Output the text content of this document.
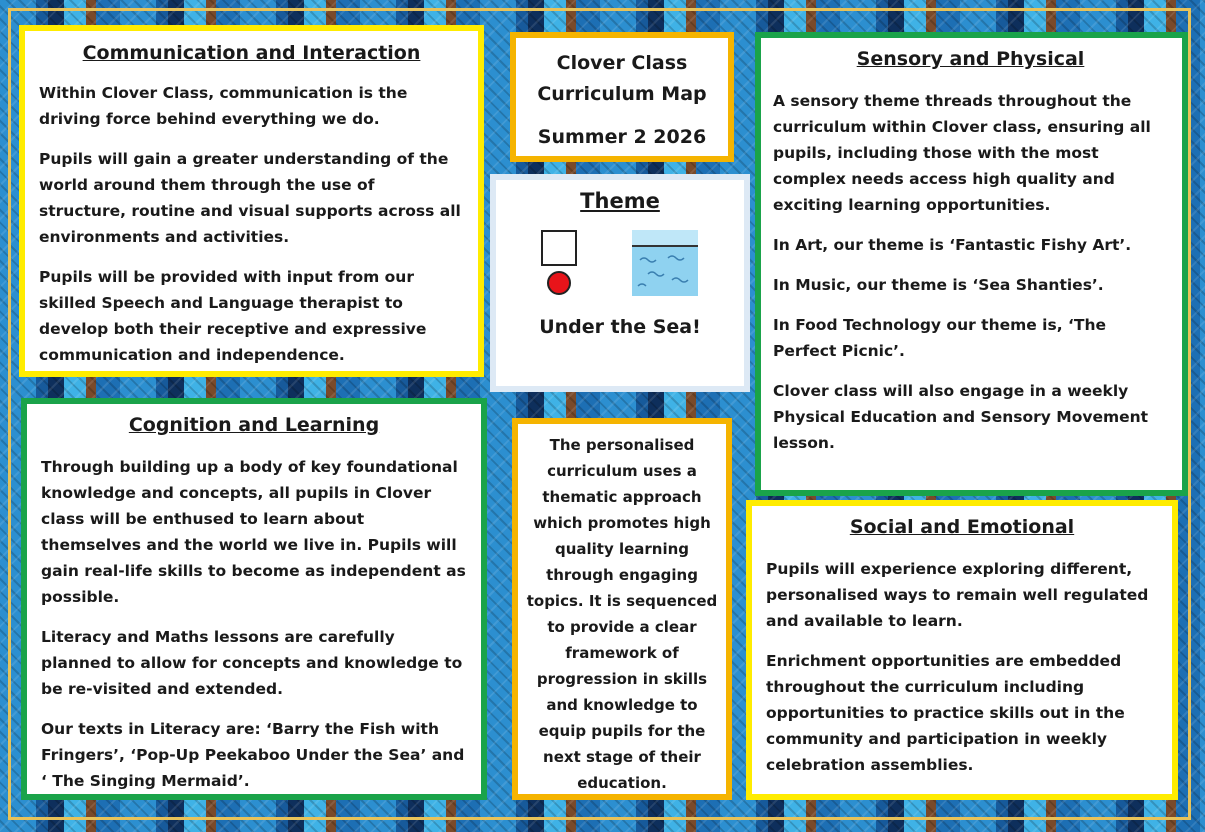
Communication and Interaction

Within Clover Class, communication is the driving force behind everything we do.

Pupils will gain a greater understanding of the world around them through the use of structure, routine and visual supports across all environments and activities.

Pupils will be provided with input from our skilled Speech and Language therapist to develop both their receptive and expressive communication and independence.

Clover Class
Curriculum Map
Summer 2 2026
Theme
Under the Sea!
Sensory and Physical

A sensory theme threads throughout the curriculum within Clover class, ensuring all pupils, including those with the most complex needs access high quality and exciting learning opportunities.

In Art, our theme is ‘Fantastic Fishy Art’.

In Music, our theme is ‘Sea Shanties’.

In Food Technology our theme is, ‘The Perfect Picnic’.

Clover class will also engage in a weekly Physical Education and Sensory Movement lesson.

Cognition and Learning

Through building up a body of key foundational knowledge and concepts, all pupils in Clover class will be enthused to learn about themselves and the world we live in. Pupils will gain real-life skills to become as independent as possible.

Literacy and Maths lessons are carefully planned to allow for concepts and knowledge to be re-visited and extended.

Our texts in Literacy are: ‘Barry the Fish with Fringers’, ‘Pop-Up Peekaboo Under the Sea’ and ‘ The Singing Mermaid’.

The personalised curriculum uses a thematic approach which promotes high quality learning through engaging topics. It is sequenced to provide a clear framework of progression in skills and knowledge to equip pupils for the next stage of their education.
Social and Emotional

Pupils will experience exploring different, personalised ways to remain well regulated and available to learn.

Enrichment opportunities are embedded throughout the curriculum including opportunities to practice skills out in the community and participation in weekly celebration assemblies.
